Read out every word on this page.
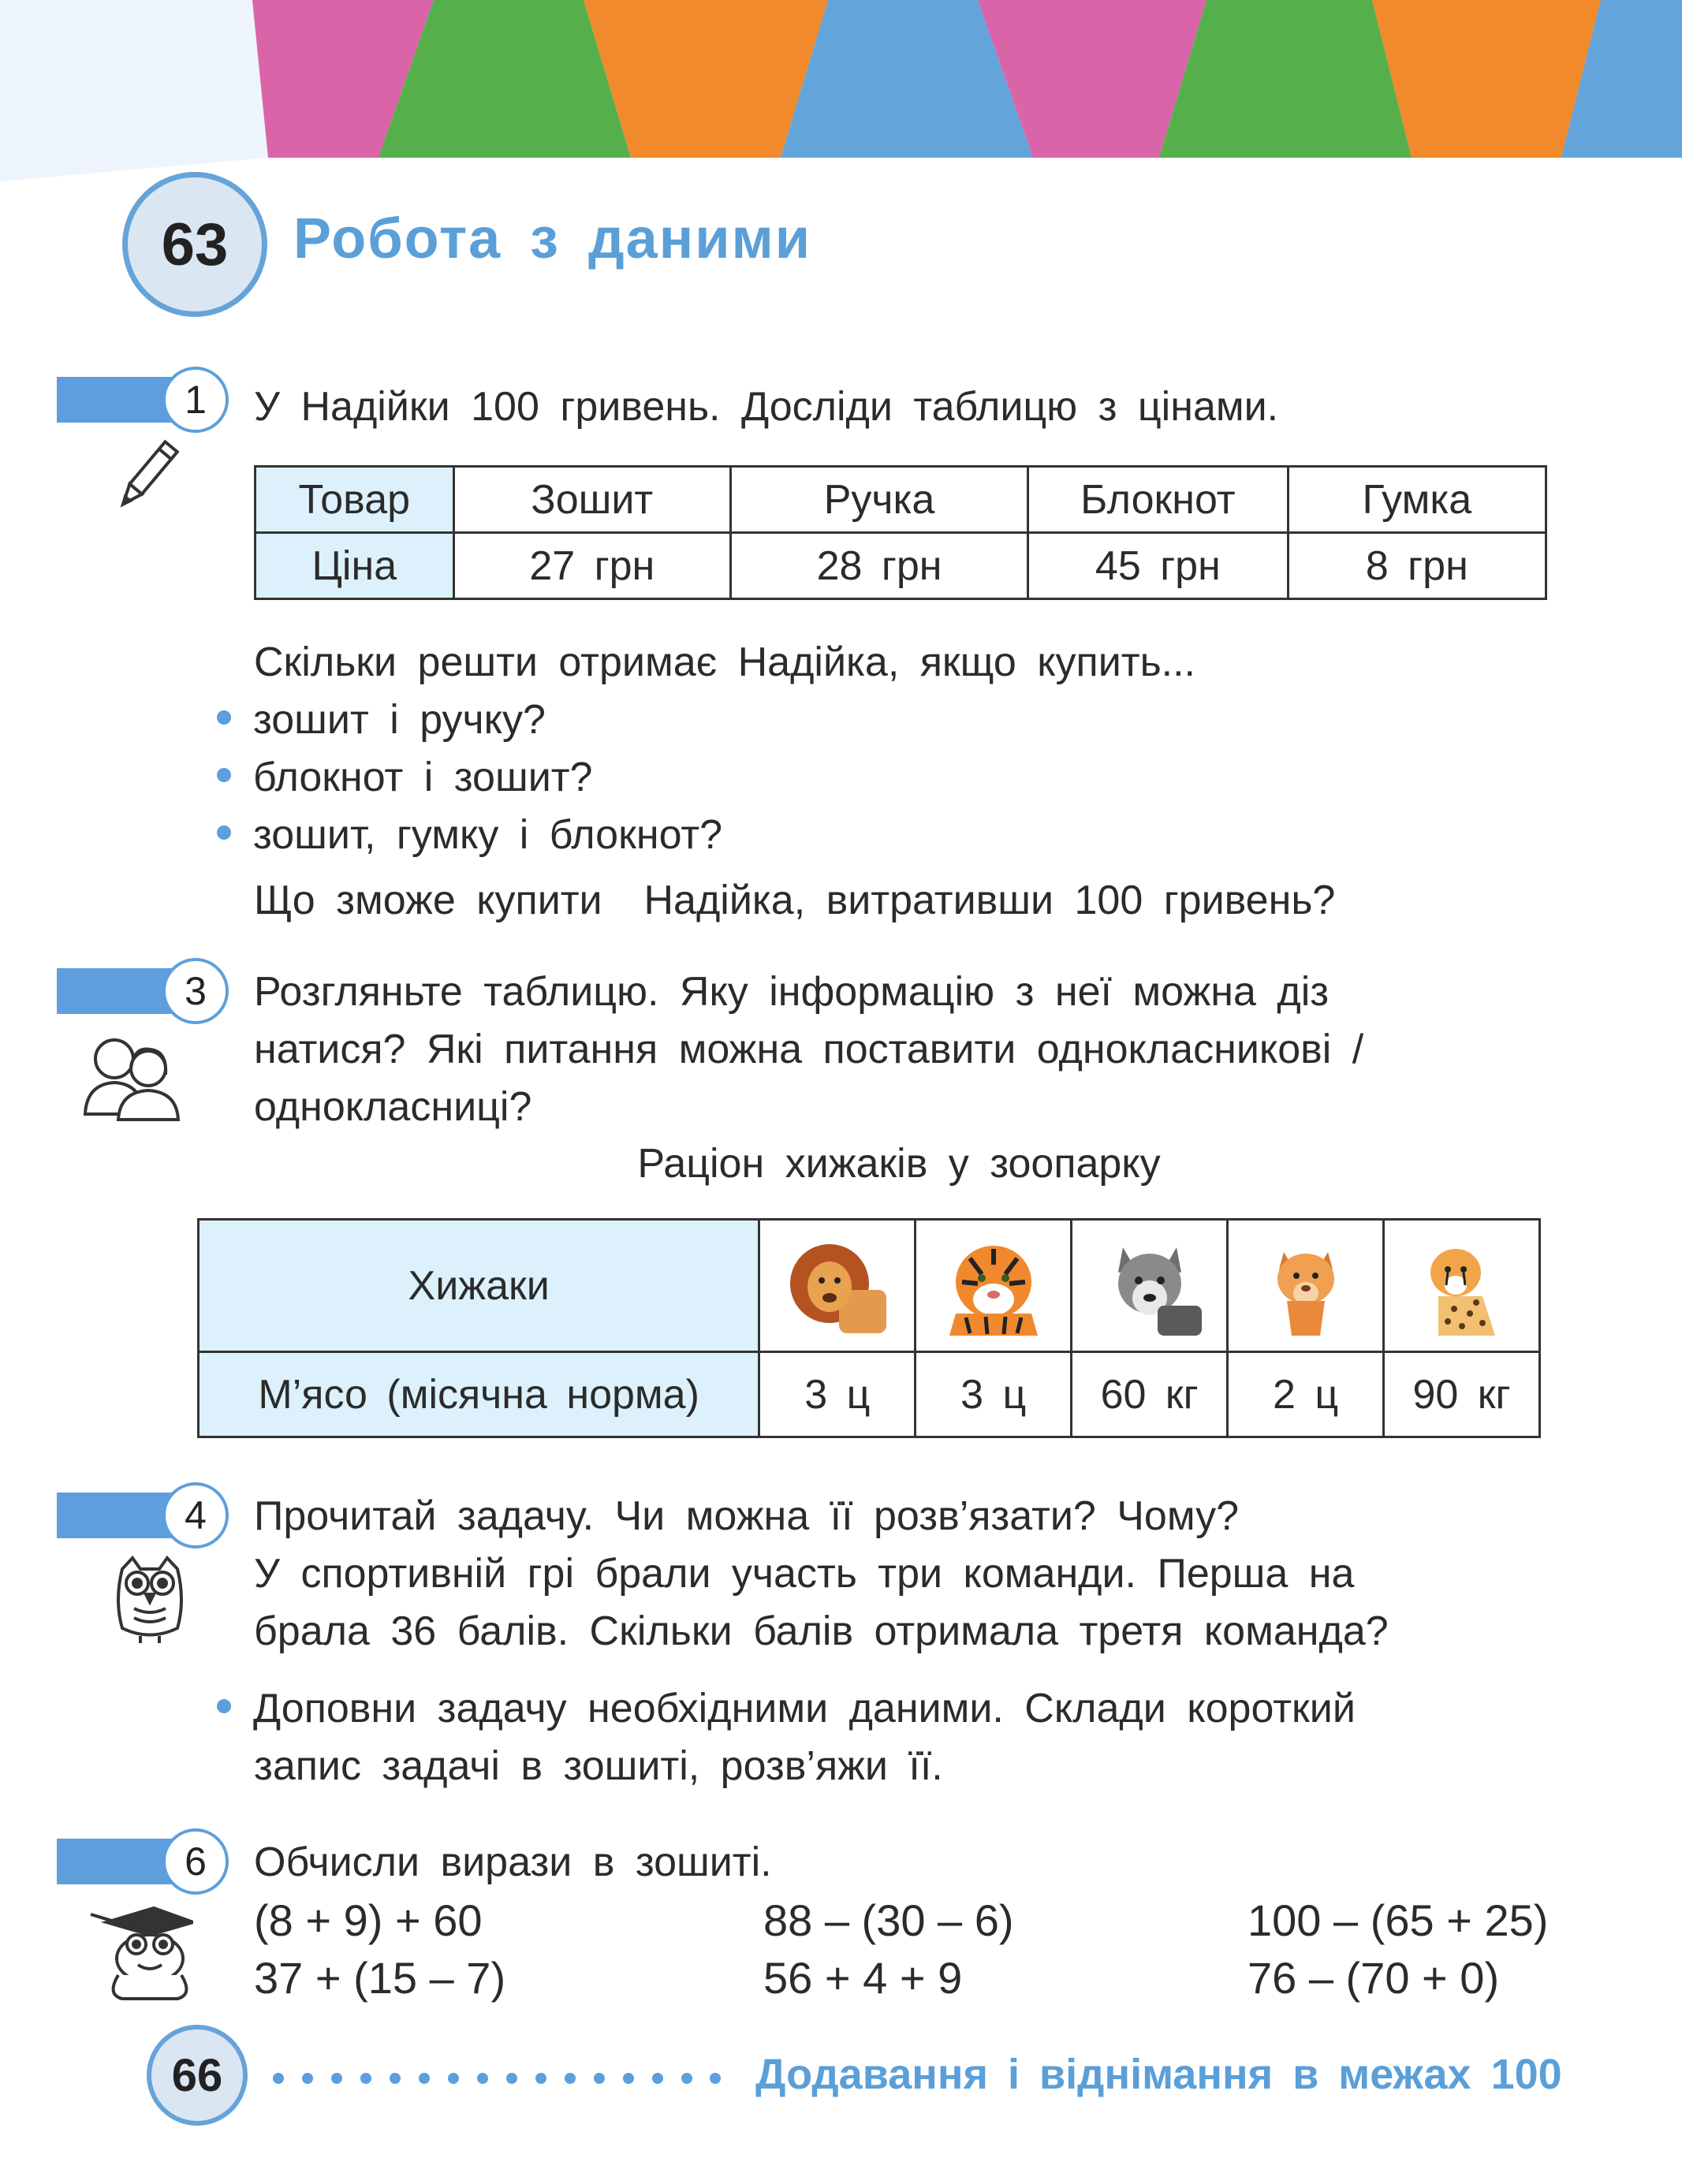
63	Робота з даними
1	У Надійки 100 гривень. Досліди таблицю з цінами.
Товар	Зошит	Ручка	Блокнот	Гумка
Ціна	27 грн	28 грн	45 грн	8 грн
Скільки решти отримає Надійка, якщо купить...
зошит і ручку?
блокнот і зошит?
зошит, гумку і блокнот?
Що зможе купити  Надійка, витративши 100 гривень?
3	Розгляньте таблицю. Яку інформацію з неї можна діз
натися? Які питання можна поставити однокласникові /
однокласниці?
Раціон хижаків у зоопарку
Хижаки	

М’ясо (місячна норма)	3 ц	3 ц	60 кг	2 ц	90 кг
4	Прочитай задачу. Чи можна її розв’язати? Чому?
У спортивній грі брали участь три команди. Перша на
брала 36 балів. Скільки балів отримала третя команда?
Доповни задачу необхідними даними. Склади короткий
запис задачі в зошиті, розв’яжи її.
6	Обчисли вирази в зошиті.
(8 + 9) + 60	88 – (30 – 6)	100 – (65 + 25)
37 + (15 – 7)	56 + 4 + 9	76 – (70 + 0)
66	Додавання і віднімання в межах 100
